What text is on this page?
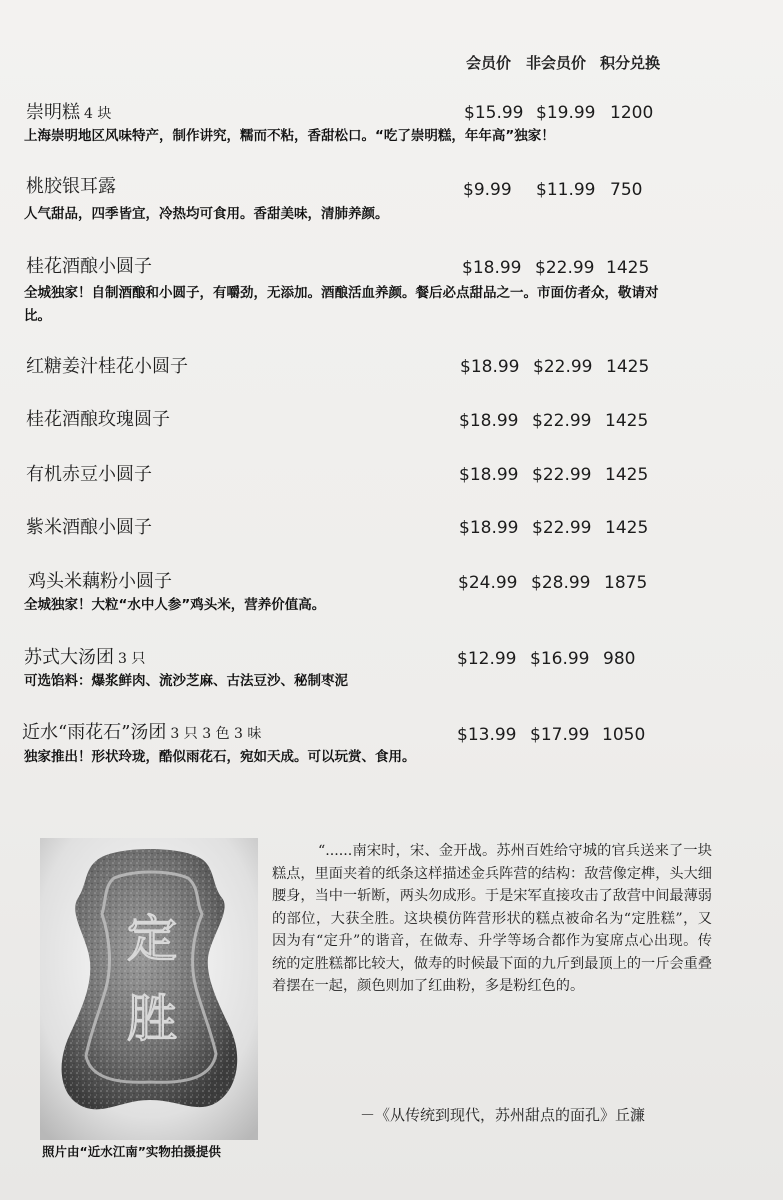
会员价 非会员价 积分兑换
崇明糕 4 块	$15.99 $19.99 1200
上海崇明地区风味特产，制作讲究，糯而不粘，香甜松口。“吃了崇明糕，年年高”独家！
桃胶银耳露	$9.99 $11.99 750
人气甜品，四季皆宜，冷热均可食用。香甜美味，清肺养颜。
桂花酒酿小圆子	$18.99 $22.99 1425
全城独家！自制酒酿和小圆子，有嚼劲，无添加。酒酿活血养颜。餐后必点甜品之一。市面仿者众，敬请对比。
红糖姜汁桂花小圆子	$18.99 $22.99 1425
桂花酒酿玫瑰圆子	$18.99 $22.99 1425
有机赤豆小圆子	$18.99 $22.99 1425
紫米酒酿小圆子	$18.99 $22.99 1425
鸡头米藕粉小圆子	$24.99 $28.99 1875
全城独家！大粒“水中人参”鸡头米，营养价值高。
苏式大汤团 3 只	$12.99 $16.99 980
可选馅料：爆浆鲜肉、流沙芝麻、古法豆沙、秘制枣泥
近水“雨花石”汤团 3 只 3 色 3 味	$13.99 $17.99 1050
独家推出！形状玲珑，酷似雨花石，宛如天成。可以玩赏、食用。
定
胜
照片由“近水江南”实物拍摄提供
“......南宋时，宋、金开战。苏州百姓给守城的官兵送来了一块糕点，里面夹着的纸条这样描述金兵阵营的结构：敌营像定榫，头大细腰身，当中一斩断，两头勿成形。于是宋军直接攻击了敌营中间最薄弱的部位，大获全胜。这块模仿阵营形状的糕点被命名为“定胜糕”，又因为有“定升”的谐音，在做寿、升学等场合都作为宴席点心出现。传统的定胜糕都比较大，做寿的时候最下面的九斤到最顶上的一斤会重叠着摆在一起，颜色则加了红曲粉，多是粉红色的。
－《从传统到现代，苏州甜点的面孔》丘濂
